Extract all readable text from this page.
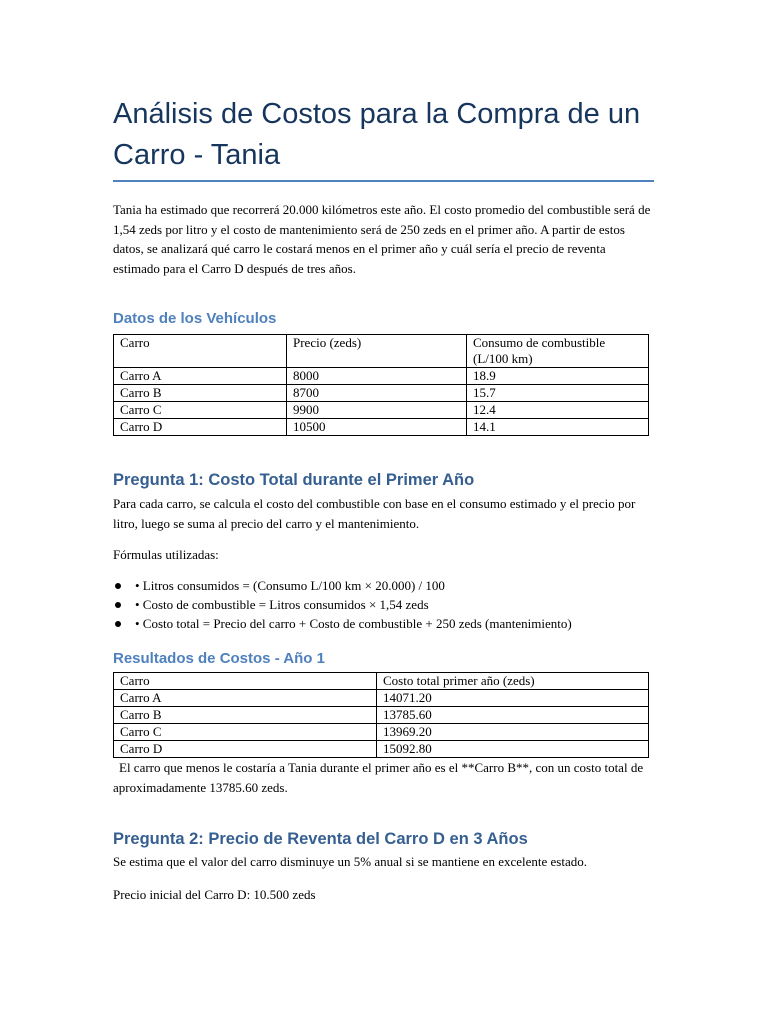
Análisis de Costos para la Compra de un Carro - Tania

Tania ha estimado que recorrerá 20.000 kilómetros este año. El costo promedio del combustible será de 1,54 zeds por litro y el costo de mantenimiento será de 250 zeds en el primer año. A partir de estos datos, se analizará qué carro le costará menos en el primer año y cuál sería el precio de reventa estimado para el Carro D después de tres años.

Datos de los Vehículos
Carro	Precio (zeds)	Consumo de combustible (L/100 km)
Carro A	8000	18.9
Carro B	8700	15.7
Carro C	9900	12.4
Carro D	10500	14.1
Pregunta 1: Costo Total durante el Primer Año

Para cada carro, se calcula el costo del combustible con base en el consumo estimado y el precio por litro, luego se suma al precio del carro y el mantenimiento.

Fórmulas utilizadas:

• Litros consumidos = (Consumo L/100 km × 20.000) / 100
• Costo de combustible = Litros consumidos × 1,54 zeds
• Costo total = Precio del carro + Costo de combustible + 250 zeds (mantenimiento)
Resultados de Costos - Año 1
Carro	Costo total primer año (zeds)
Carro A	14071.20
Carro B	13785.60
Carro C	13969.20
Carro D	15092.80

El carro que menos le costaría a Tania durante el primer año es el **Carro B**, con un costo total de aproximadamente 13785.60 zeds.

Pregunta 2: Precio de Reventa del Carro D en 3 Años

Se estima que el valor del carro disminuye un 5% anual si se mantiene en excelente estado.

Precio inicial del Carro D: 10.500 zeds
